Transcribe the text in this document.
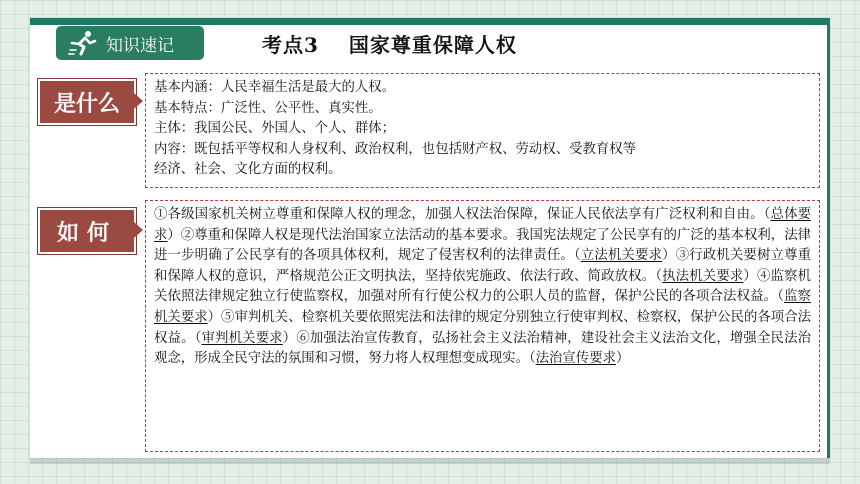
知识速记	考点3 国家尊重保障人权
是什么
基本内涵：人民幸福生活是最大的人权。
基本特点：广泛性、公平性、真实性。
主体：我国公民、外国人、个人、群体；
内容：既包括平等权和人身权利、政治权利，也包括财产权、劳动权、受教育权等
经济、社会、文化方面的权利。
如何
①各级国家机关树立尊重和保障人权的理念，加强人权法治保障，保证人民依法享有广泛权利和自由。（总体要求）②尊重和保障人权是现代法治国家立法活动的基本要求。我国宪法规定了公民享有的广泛的基本权利，法律进一步明确了公民享有的各项具体权利，规定了侵害权利的法律责任。（立法机关要求）③行政机关要树立尊重和保障人权的意识，严格规范公正文明执法，坚持依宪施政、依法行政、简政放权。（执法机关要求）④监察机关依照法律规定独立行使监察权，加强对所有行使公权力的公职人员的监督，保护公民的各项合法权益。（监察机关要求）⑤审判机关、检察机关要依照宪法和法律的规定分别独立行使审判权、检察权，保护公民的各项合法权益。（审判机关要求）⑥加强法治宣传教育，弘扬社会主义法治精神，建设社会主义法治文化，增强全民法治观念，形成全民守法的氛围和习惯，努力将人权理想变成现实。（法治宣传要求）
